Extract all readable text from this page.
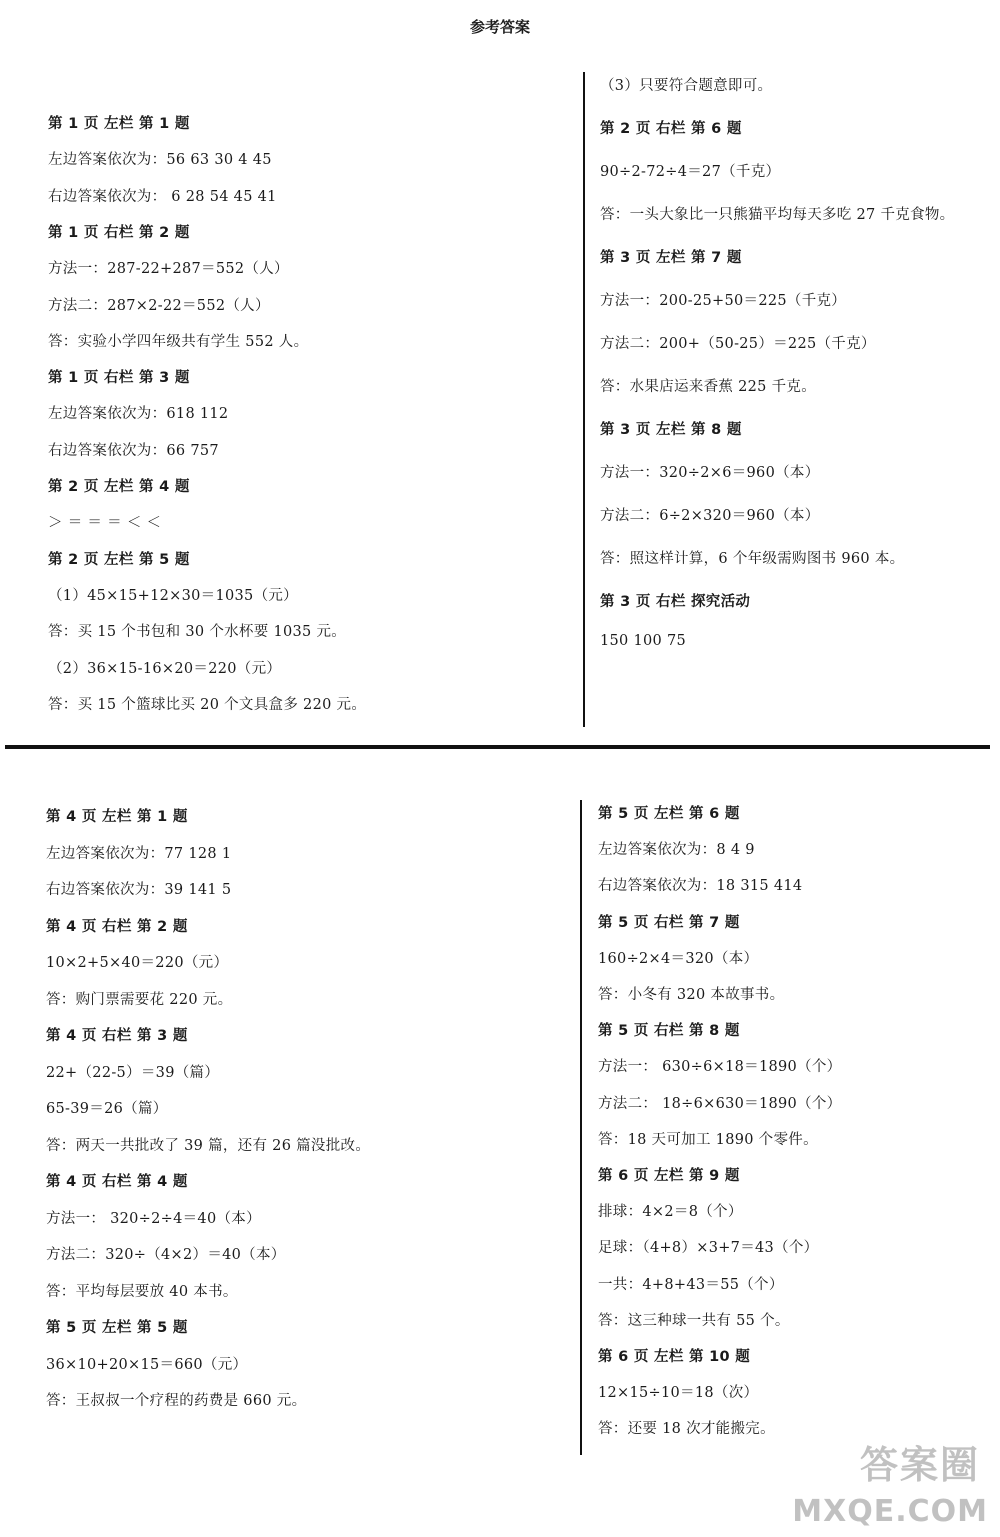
参考答案
第 1 页 左栏 第 1 题
左边答案依次为：56 63 30 4 45
右边答案依次为： 6 28 54 45 41
第 1 页 右栏 第 2 题
方法一：287-22+287＝552（人）
方法二：287×2-22＝552（人）
答：实验小学四年级共有学生 552 人。
第 1 页 右栏 第 3 题
左边答案依次为：618 112
右边答案依次为：66 757
第 2 页 左栏 第 4 题
＞ ＝ ＝ ＝ ＜ ＜
第 2 页 左栏 第 5 题
（1）45×15+12×30＝1035（元）
答：买 15 个书包和 30 个水杯要 1035 元。
（2）36×15-16×20＝220（元）
答：买 15 个篮球比买 20 个文具盒多 220 元。
（3）只要符合题意即可。
第 2 页 右栏 第 6 题
90÷2-72÷4＝27（千克）
答：一头大象比一只熊猫平均每天多吃 27 千克食物。
第 3 页 左栏 第 7 题
方法一：200-25+50＝225（千克）
方法二：200+（50-25）＝225（千克）
答：水果店运来香蕉 225 千克。
第 3 页 左栏 第 8 题
方法一：320÷2×6＝960（本）
方法二：6÷2×320＝960（本）
答：照这样计算，6 个年级需购图书 960 本。
第 3 页 右栏 探究活动
150 100 75
第 4 页 左栏 第 1 题
左边答案依次为：77 128 1
右边答案依次为：39 141 5
第 4 页 右栏 第 2 题
10×2+5×40＝220（元）
答：购门票需要花 220 元。
第 4 页 右栏 第 3 题
22+（22-5）＝39（篇）
65-39＝26（篇）
答：两天一共批改了 39 篇，还有 26 篇没批改。
第 4 页 右栏 第 4 题
方法一： 320÷2÷4＝40（本）
方法二：320÷（4×2）＝40（本）
答：平均每层要放 40 本书。
第 5 页 左栏 第 5 题
36×10+20×15＝660（元）
答：王叔叔一个疗程的药费是 660 元。
第 5 页 左栏 第 6 题
左边答案依次为：8 4 9
右边答案依次为：18 315 414
第 5 页 右栏 第 7 题
160÷2×4＝320（本）
答：小冬有 320 本故事书。
第 5 页 右栏 第 8 题
方法一： 630÷6×18＝1890（个）
方法二： 18÷6×630＝1890（个）
答：18 天可加工 1890 个零件。
第 6 页 左栏 第 9 题
排球：4×2＝8（个）
足球：（4+8）×3+7＝43（个）
一共：4+8+43＝55（个）
答：这三种球一共有 55 个。
第 6 页 左栏 第 10 题
12×15÷10＝18（次）
答：还要 18 次才能搬完。
答案圈
MXQE.COM
